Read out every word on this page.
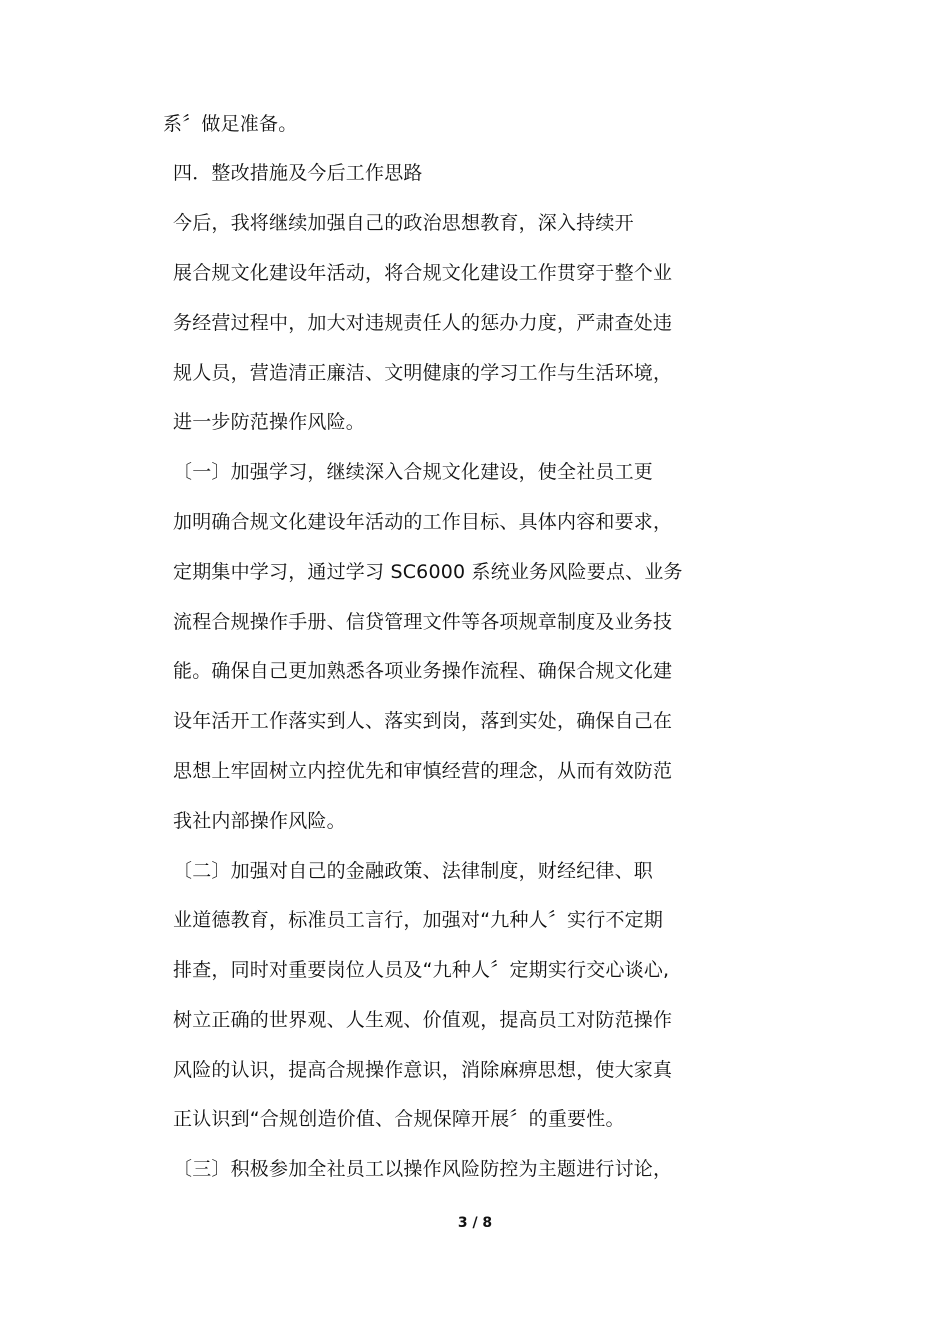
系〞做足准备。
四．整改措施及今后工作思路
今后，我将继续加强自己的政治思想教育，深入持续开
展合规文化建设年活动，将合规文化建设工作贯穿于整个业
务经营过程中，加大对违规责任人的惩办力度，严肃查处违
规人员，营造清正廉洁、文明健康的学习工作与生活环境，
进一步防范操作风险。
〔一〕加强学习，继续深入合规文化建设，使全社员工更
加明确合规文化建设年活动的工作目标、具体内容和要求，
定期集中学习，通过学习 SC6000 系统业务风险要点、业务
流程合规操作手册、信贷管理文件等各项规章制度及业务技
能。确保自己更加熟悉各项业务操作流程、确保合规文化建
设年活开工作落实到人、落实到岗，落到实处，确保自己在
思想上牢固树立内控优先和审慎经营的理念，从而有效防范
我社内部操作风险。
〔二〕加强对自己的金融政策、法律制度，财经纪律、职
业道德教育，标准员工言行，加强对“九种人〞实行不定期
排查，同时对重要岗位人员及“九种人〞定期实行交心谈心,
树立正确的世界观、人生观、价值观，提高员工对防范操作
风险的认识，提高合规操作意识，消除麻痹思想，使大家真
正认识到“合规创造价值、合规保障开展〞的重要性。
〔三〕积极参加全社员工以操作风险防控为主题进行讨论，
3 / 8
